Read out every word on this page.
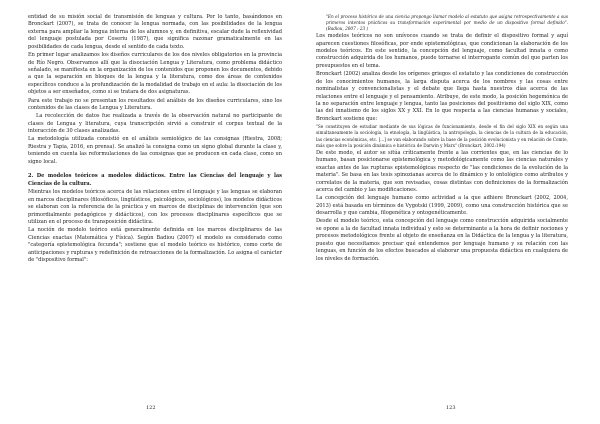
entidad de su misión social de transmisión de lenguas y cultura. Por lo tanto, basándonos en Bronckart (2007), se trata de conocer la lengua normada, con las posibilidades de la lengua externa para ampliar la lengua interna de los alumnos y, en definitiva, escalar dude la reflexividad del lenguaje postulada por Coseriu (1987), que significa razonar gramaticalmente en las posibilidades de cada lengua, desde el sentido de cada texto.

En primer lugar analizamos los diseños curriculares de los dos niveles obligatorios en la provincia de Río Negro. Observamos allí que la disociación Lengua y Literatura, como problema didáctico señalado, se manifiesta en la organización de los contenidos que proponen los documentos, debido a que la separación en bloques de la lengua y la literatura, como dos áreas de contenidos específicos conduce a la profundización de la modalidad de trabajo en el aula: la disociación de los objetos a ser enseñados, como si se tratara de dos asignaturas.

Para este trabajo no se presentan los resultados del análisis de los diseños curriculares, sino los contenidos de las clases de Lengua y Literatura.

La recolección de datos fue realizada a través de la observación natural no participante de clases de Lengua y literatura, cuya transcripción sirvió a construir el corpus textual de la interacción de 30 clases analizadas.

La metodología utilizada consistió en el análisis semiológico de las consignas (Riestra, 2008; Riestra y Tapia, 2016, en prensa). Se analizó la consigna como un signo global durante la clase y, teniendo en cuenta las reformulaciones de las consignas que se producen en cada clase, como un signo local.

2. De modelos teóricos a modelos didácticos. Entre las Ciencias del lenguaje y las Ciencias de la cultura.

Mientras los modelos teóricos acerca de las relaciones entre el lenguaje y las lenguas se elaboran en marcos disciplinares (filosóficos, lingüísticos, psicológicos, sociológicos), los modelos didácticos se elaboran con la referencia de la práctica y en marcos de disciplinas de intervención (que son primordialmente pedagógicos y didácticos), con los procesos disciplinares específicos que se utilizan en el proceso de transposición didáctica.

La noción de modelo teórico está generalmente definida en los marcos disciplinares de las Ciencias exactas (Matemática y Física). Según Badiou (2007) el modelo es considerado como "categoría epistemológica fecunda"; sostiene que el modelo teórico es histórico, como corte de anticipaciones y rupturas y redefinición de retroacciones de la formalización. Lo asigna el carácter de "dispositivo formal":

122

"En el proceso histórico de una ciencia propongo llamar modelo al estatuto que asigna retrospectivamente a sus primeros intentos prácticos su transformación experimental por medio de un dispositivo formal definido". (Badiou, 2007 : 23 )

Los modelos teóricos no son unívocos cuando se trata de definir el dispositivo formal y aquí aparecen cuestiones filosóficas, por ende epistemológicas, que condicionan la elaboración de los modelos teóricos. En este sentido, la concepción del lenguaje, como facultad innata o como construcción adquirida de los humanos, puede tornarse el interrogante común del que parten los presupuestos en el tema.

Bronckart (2002) analiza desde los orígenes griegos el estatuto y las condiciones de construcción de los conocimientos humanos, la larga disputa acerca de los nombres y las cosas entre nominalistas y convencionalistas y el debate que llega hasta nuestros días acerca de las relaciones entre el lenguaje y el pensamiento. Atribuye, de este modo, la posición hegemónica de la no separación entre lenguaje y lengua, tanto las posiciones del positivismo del siglo XIX, como las del innatismo de los siglos XX y XXI. En lo que respecta a las ciencias humanas y sociales, Bronckart sostiene que:

"Se constituyen de estudiar mediante de sus lógicas de funcionamiento, desde el fin del siglo XIX en según una simultaneamente la sociología, la etnología, la lingüística, la antropología, la ciencias de la cultura de la educación, las ciencias económicas, etc. [...] se van elaborando sobre la base de la posición evolucionista y en relación de Comte, más que sobre la posición dinámica e histórica de Darwin y Marx" (Bronckart, 2002:194)

De este modo, el autor se sitúa críticamente frente a las corrientes que, en las ciencias de lo humano, basan posicionarse epistemológica y metodológicamente como las ciencias naturales y exactas antes de las rupturas epistemológicas respecto de "las condiciones de la evolución de la materia". Se basa en las tesis spinozianas acerca de lo dinámico y lo ontológico como atributos y correlatos de la materia, que son revisadas, cosas distintas con definiciones de la formalización acerca del cambio y las modificaciones.

La concepción del lenguaje humano como actividad a la que adhiere Bronckart (2002, 2004, 2013) está basada en términos de Vygotski (1999, 2009), como una construcción histórica que se desarrolla y que cambia, filogenética y ontogenéticamente.

Desde el modelo teórico, esta concepción del lenguaje como construcción adquirida socialmente se opone a la de facultad innata individual y esto se determinante a la hora de definir nociones y procesos metodológicos frente al objeto de enseñanza en la Didáctica de la lengua y la literatura, puesto que necesitamos precisar qué entendemos por lenguaje humano y su relación con las lenguas, en función de los efectos buscados al elaborar una propuesta didáctica en cualquiera de los niveles de formación.

123
